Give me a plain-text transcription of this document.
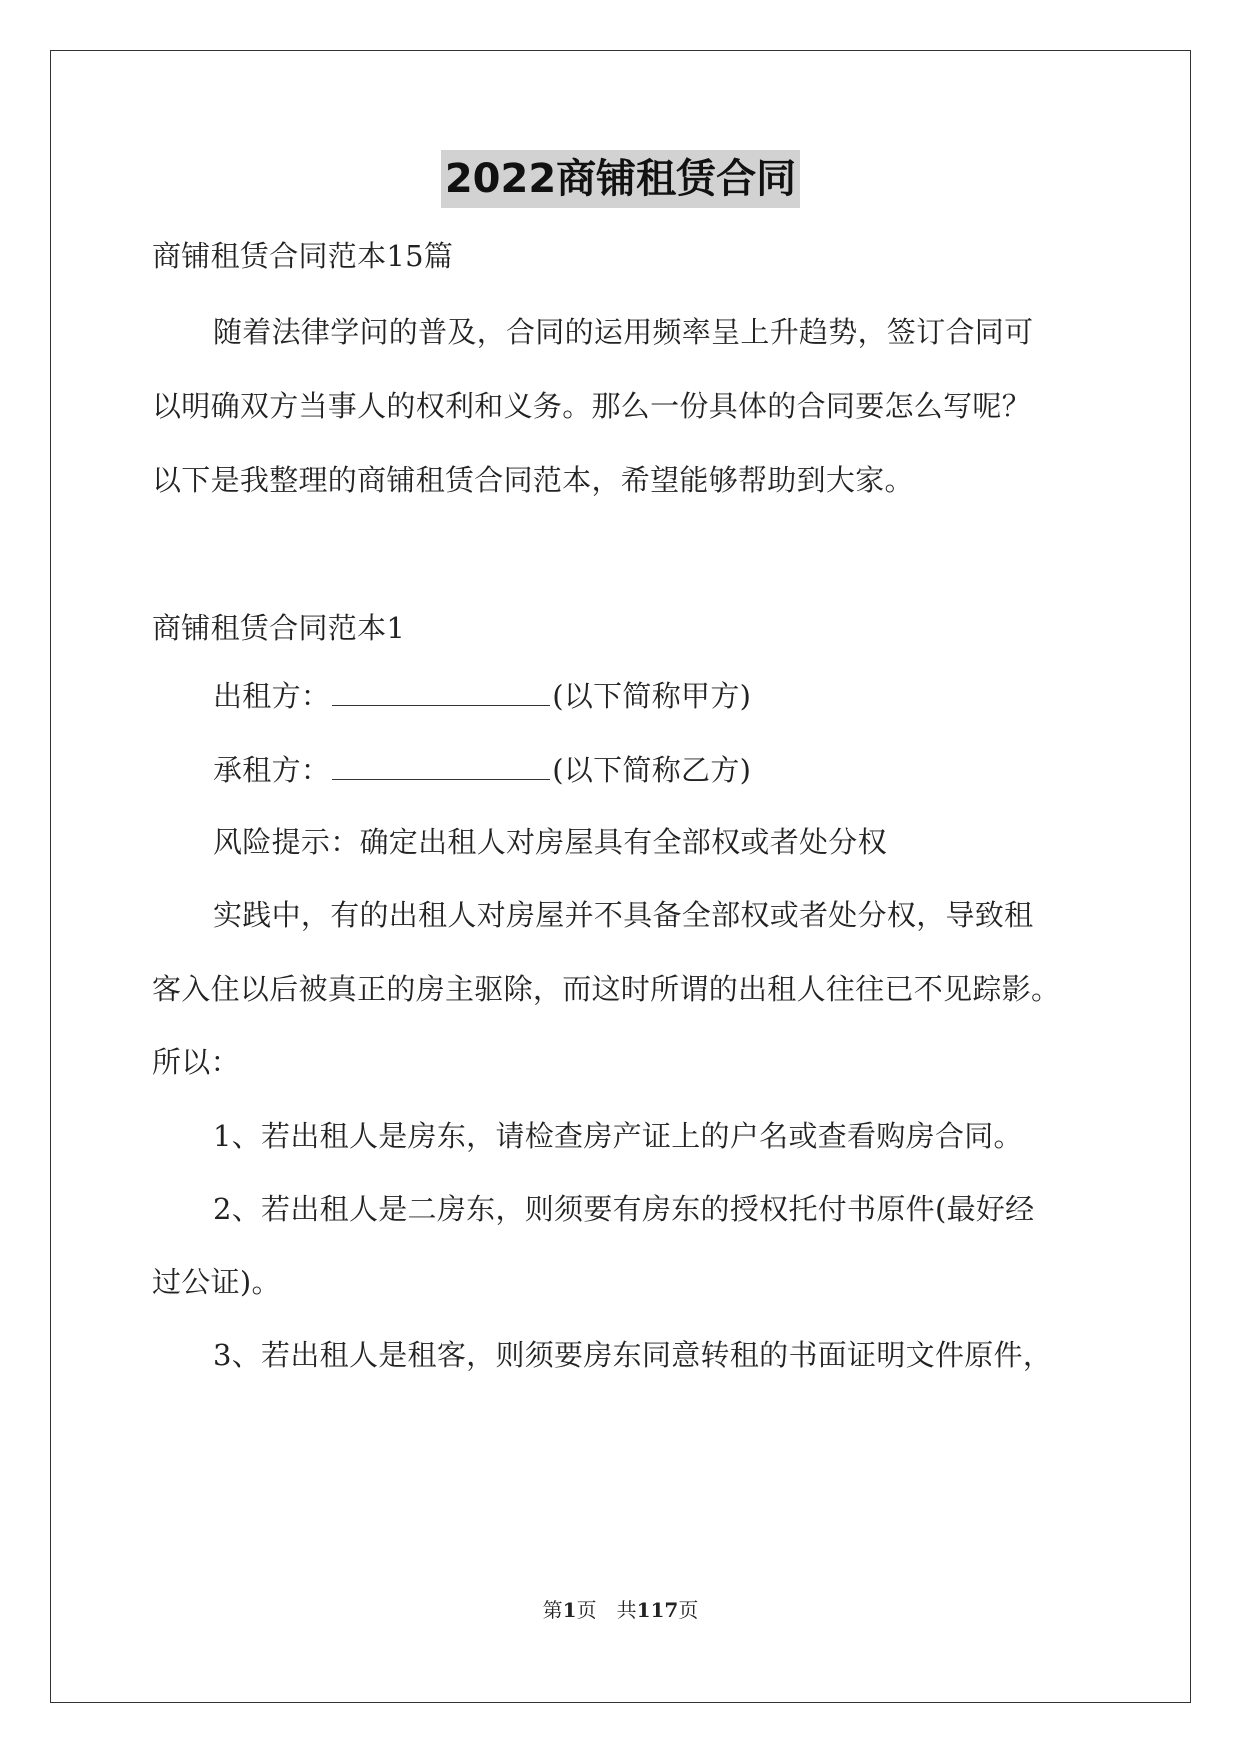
2022商铺租赁合同
商铺租赁合同范本15篇
随着法律学问的普及，合同的运用频率呈上升趋势，签订合同可
以明确双方当事人的权利和义务。那么一份具体的合同要怎么写呢？
以下是我整理的商铺租赁合同范本，希望能够帮助到大家。
商铺租赁合同范本1
出租方：	(以下简称甲方)
承租方：	(以下简称乙方)
风险提示：确定出租人对房屋具有全部权或者处分权
实践中，有的出租人对房屋并不具备全部权或者处分权，导致租
客入住以后被真正的房主驱除，而这时所谓的出租人往往已不见踪影。
所以：
1、若出租人是房东，请检查房产证上的户名或查看购房合同。
2、若出租人是二房东，则须要有房东的授权托付书原件(最好经
过公证)。
3、若出租人是租客，则须要房东同意转租的书面证明文件原件，
第1页　共117页
